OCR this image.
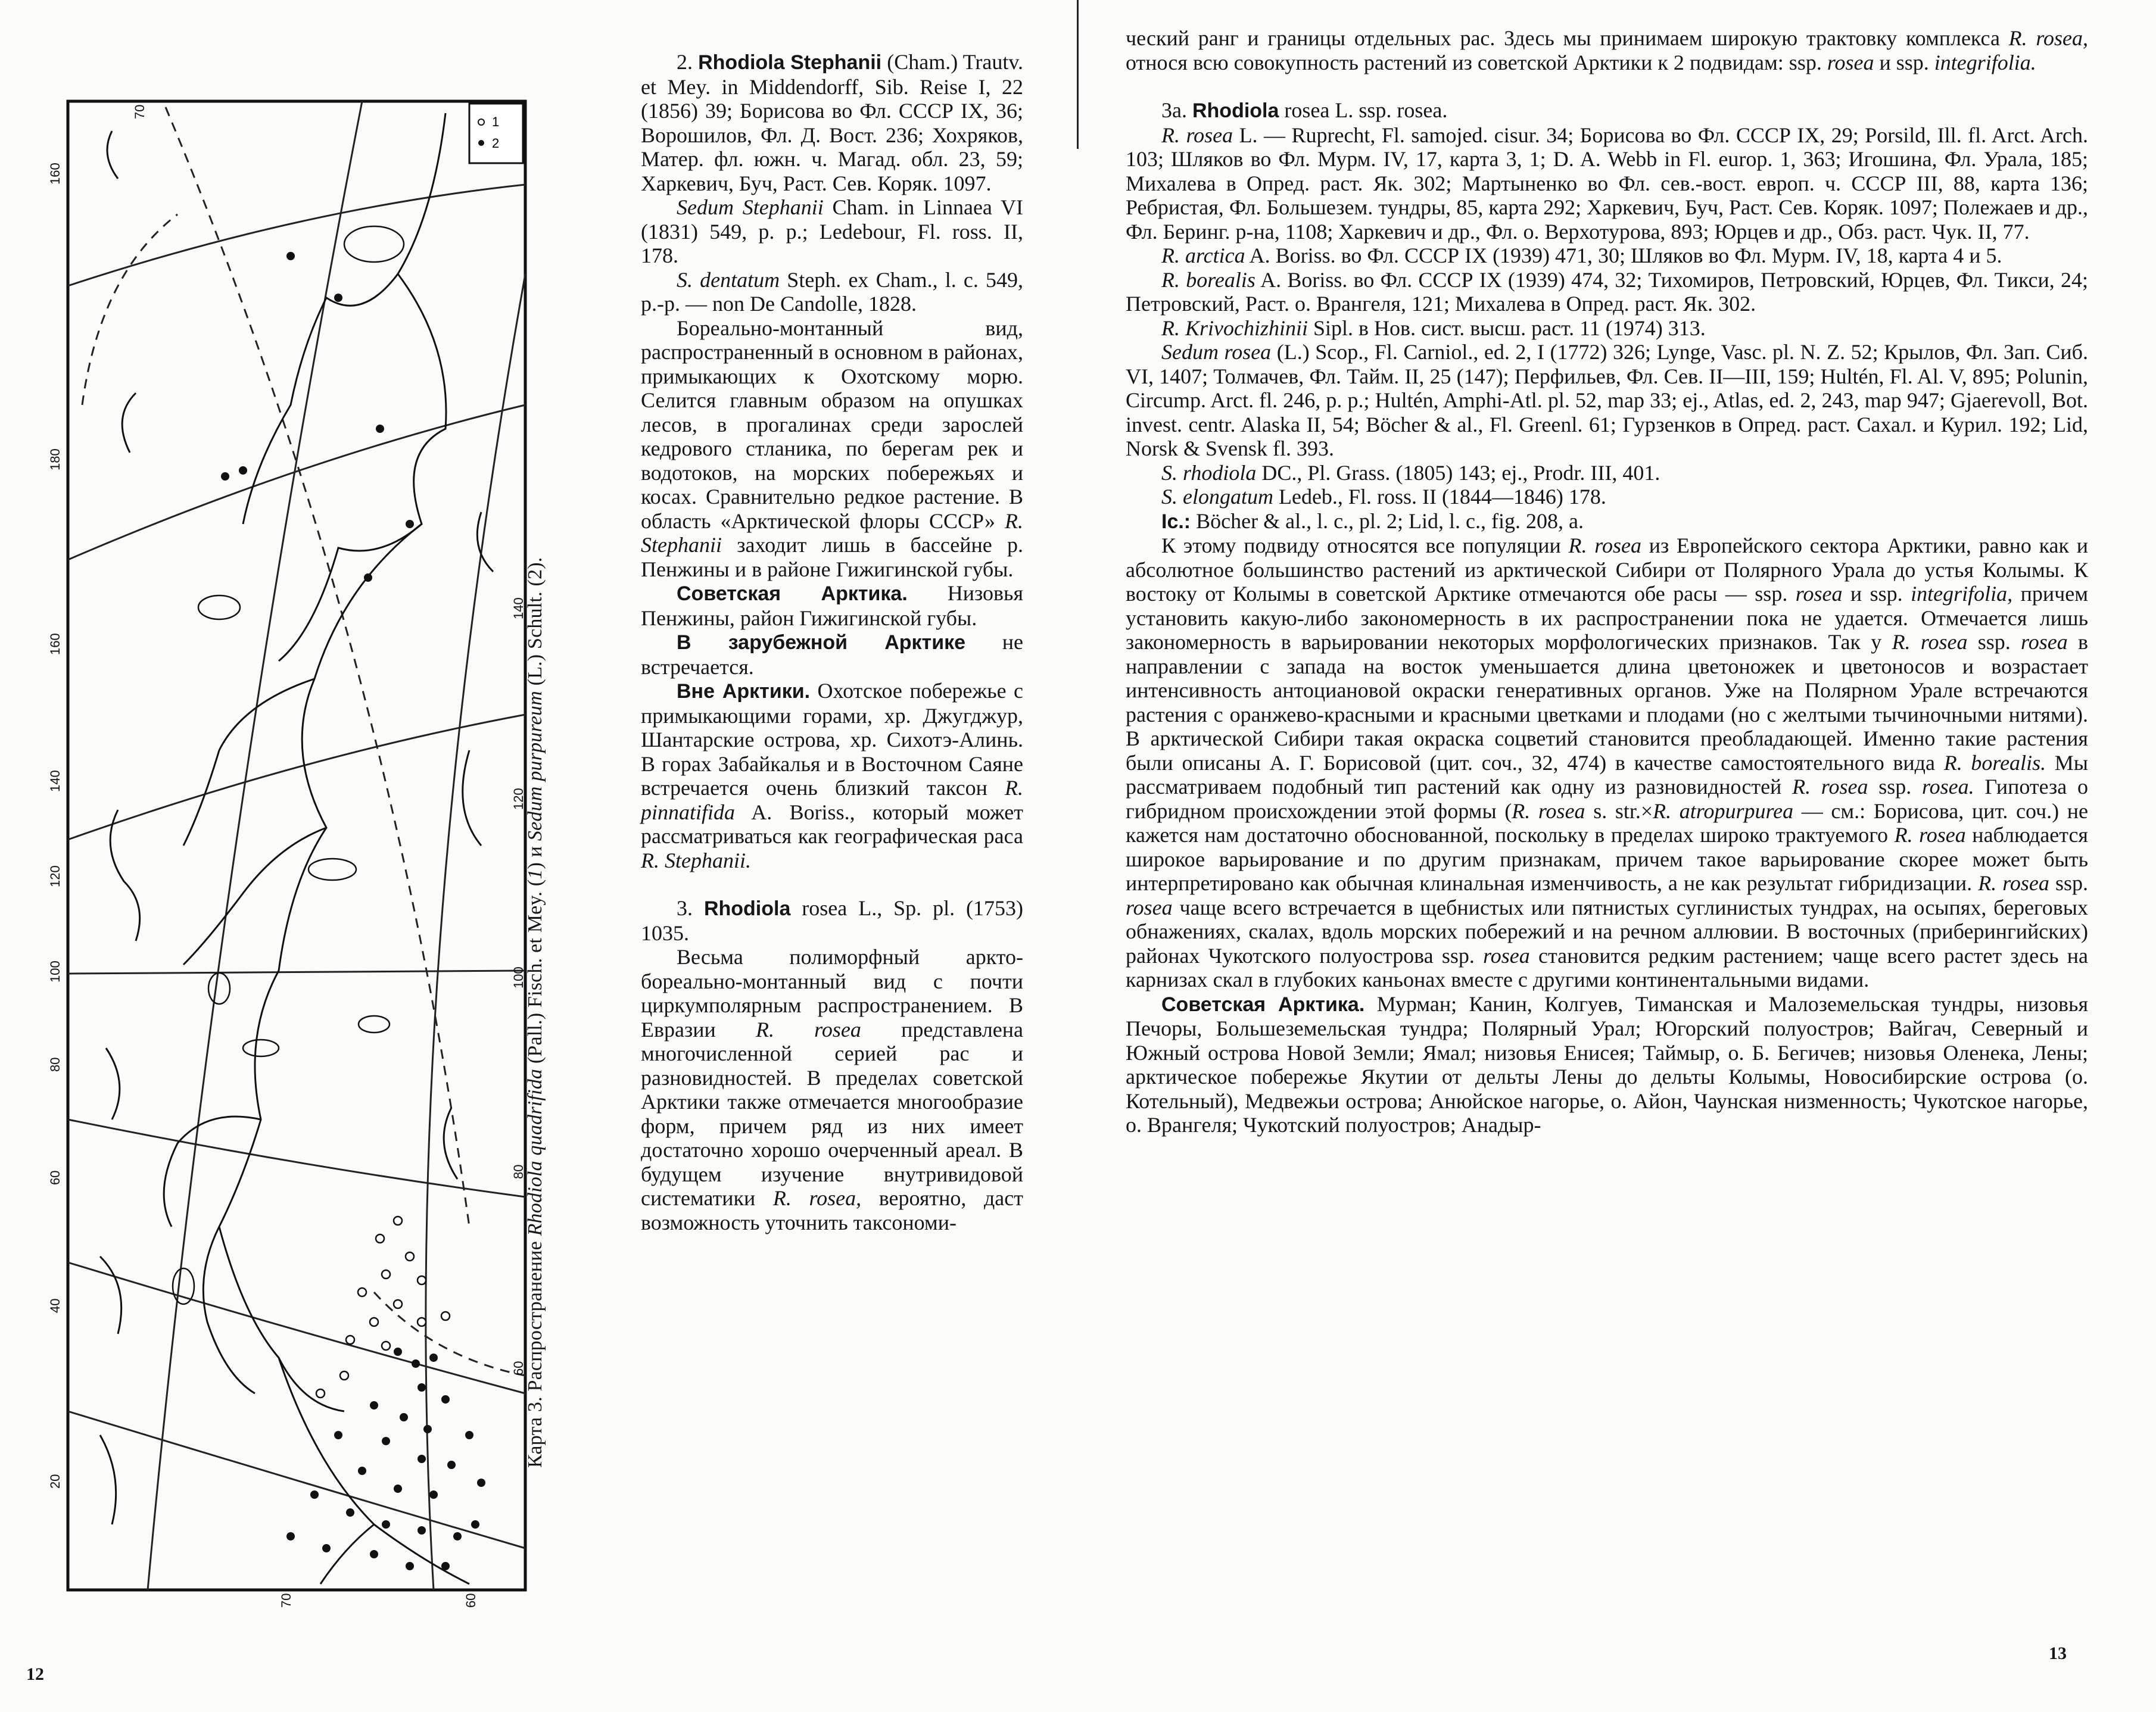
1
2
160
180
160
140
120
100
80
60
40
20
140
120
100
80
60
70
70	60
Карта 3. Распространение Rhodiola quadrifida (Pall.) Fisch. et Mey. (1) и Sedum purpureum (L.) Schult. (2).

2. Rhodiola Stephanii (Cham.) Trautv. et Mey. in Middendorff, Sib. Reise I, 22 (1856) 39; Борисова во Фл. СССР IX, 36; Ворошилов, Фл. Д. Вост. 236; Хохряков, Матер. фл. южн. ч. Магад. обл. 23, 59; Харкевич, Буч, Раст. Сев. Коряк. 1097.

Sedum Stephanii Cham. in Linnaea VI (1831) 549, p. p.; Ledebour, Fl. ross. II, 178.

S. dentatum Steph. ex Cham., l. c. 549, p.-p. — non De Candolle, 1828.

Бореально-монтанный вид, распространенный в основном в районах, примыкающих к Охотскому морю. Селится главным образом на опушках лесов, в прогалинах среди зарослей кедрового стланика, по берегам рек и водотоков, на морских побережьях и косах. Сравнительно редкое растение. В область «Арктической флоры СССР» R. Stephanii заходит лишь в бассейне р. Пенжины и в районе Гижигинской губы.

Советская Арктика. Низовья Пенжины, район Гижигинской губы.

В зарубежной Арктике не встречается.

Вне Арктики. Охотское побережье с примыкающими горами, хр. Джугджур, Шантарские острова, хр. Сихотэ-Алинь. В горах Забайкалья и в Восточном Саяне встречается очень близкий таксон R. pinnatifida A. Boriss., который может рассматриваться как географическая раса R. Stephanii.

3. Rhodiola rosea L., Sp. pl. (1753) 1035.

Весьма полиморфный аркто-бореально-монтанный вид с почти циркумполярным распространением. В Евразии R. rosea представлена многочисленной серией рас и разновидностей. В пределах советской Арктики также отмечается многообразие форм, причем ряд из них имеет достаточно хорошо очерченный ареал. В будущем изучение внутривидовой систематики R. rosea, вероятно, даст возможность уточнить таксономи-

ческий ранг и границы отдельных рас. Здесь мы принимаем широкую трактовку комплекса R. rosea, относя всю совокупность растений из советской Арктики к 2 подвидам: ssp. rosea и ssp. integrifolia.

3a. Rhodiola rosea L. ssp. rosea.

R. rosea L. — Ruprecht, Fl. samojed. cisur. 34; Борисова во Фл. СССР IX, 29; Porsild, Ill. fl. Arct. Arch. 103; Шляков во Фл. Мурм. IV, 17, карта 3, 1; D. A. Webb in Fl. europ. 1, 363; Игошина, Фл. Урала, 185; Михалева в Опред. раст. Як. 302; Мартыненко во Фл. сев.-вост. европ. ч. СССР III, 88, карта 136; Ребристая, Фл. Большезем. тундры, 85, карта 292; Харкевич, Буч, Раст. Сев. Коряк. 1097; Полежаев и др., Фл. Беринг. р-на, 1108; Харкевич и др., Фл. о. Верхотурова, 893; Юрцев и др., Обз. раст. Чук. II, 77.

R. arctica A. Boriss. во Фл. СССР IX (1939) 471, 30; Шляков во Фл. Мурм. IV, 18, карта 4 и 5.

R. borealis A. Boriss. во Фл. СССР IX (1939) 474, 32; Тихомиров, Петровский, Юрцев, Фл. Тикси, 24; Петровский, Раст. о. Врангеля, 121; Михалева в Опред. раст. Як. 302.

R. Krivochizhinii Sipl. в Нов. сист. высш. раст. 11 (1974) 313.

Sedum rosea (L.) Scop., Fl. Carniol., ed. 2, I (1772) 326; Lynge, Vasc. pl. N. Z. 52; Крылов, Фл. Зап. Сиб. VI, 1407; Толмачев, Фл. Тайм. II, 25 (147); Перфильев, Фл. Сев. II—III, 159; Hultén, Fl. Al. V, 895; Polunin, Circump. Arct. fl. 246, p. p.; Hultén, Amphi-Atl. pl. 52, map 33; ej., Atlas, ed. 2, 243, map 947; Gjaerevoll, Bot. invest. centr. Alaska II, 54; Böcher & al., Fl. Greenl. 61; Гурзенков в Опред. раст. Сахал. и Курил. 192; Lid, Norsk & Svensk fl. 393.

S. rhodiola DC., Pl. Grass. (1805) 143; ej., Prodr. III, 401.

S. elongatum Ledeb., Fl. ross. II (1844—1846) 178.

Ic.: Böcher & al., l. c., pl. 2; Lid, l. c., fig. 208, a.

К этому подвиду относятся все популяции R. rosea из Европейского сектора Арктики, равно как и абсолютное большинство растений из арктической Сибири от Полярного Урала до устья Колымы. К востоку от Колымы в советской Арктике отмечаются обе расы — ssp. rosea и ssp. integrifolia, причем установить какую-либо закономерность в их распространении пока не удается. Отмечается лишь закономерность в варьировании некоторых морфологических признаков. Так у R. rosea ssp. rosea в направлении с запада на восток уменьшается длина цветоножек и цветоносов и возрастает интенсивность антоциановой окраски генеративных органов. Уже на Полярном Урале встречаются растения с оранжево-красными и красными цветками и плодами (но с желтыми тычиночными нитями). В арктической Сибири такая окраска соцветий становится преобладающей. Именно такие растения были описаны А. Г. Борисовой (цит. соч., 32, 474) в качестве самостоятельного вида R. borealis. Мы рассматриваем подобный тип растений как одну из разновидностей R. rosea ssp. rosea. Гипотеза о гибридном происхождении этой формы (R. rosea s. str.×R. atropurpurea — см.: Борисова, цит. соч.) не кажется нам достаточно обоснованной, поскольку в пределах широко трактуемого R. rosea наблюдается широкое варьирование и по другим признакам, причем такое варьирование скорее может быть интерпретировано как обычная клинальная изменчивость, а не как результат гибридизации. R. rosea ssp. rosea чаще всего встречается в щебнистых или пятнистых суглинистых тундрах, на осыпях, береговых обнажениях, скалах, вдоль морских побережий и на речном аллювии. В восточных (приберингийских) районах Чукотского полуострова ssp. rosea становится редким растением; чаще всего растет здесь на карнизах скал в глубоких каньонах вместе с другими континентальными видами.

Советская Арктика. Мурман; Канин, Колгуев, Тиманская и Малоземельская тундры, низовья Печоры, Большеземельская тундра; Полярный Урал; Югорский полуостров; Вайгач, Северный и Южный острова Новой Земли; Ямал; низовья Енисея; Таймыр, о. Б. Бегичев; низовья Оленека, Лены; арктическое побережье Якутии от дельты Лены до дельты Колымы, Новосибирские острова (о. Котельный), Медвежьи острова; Анюйское нагорье, о. Айон, Чаунская низменность; Чукотское нагорье, о. Врангеля; Чукотский полуостров; Анадыр-

12
13
